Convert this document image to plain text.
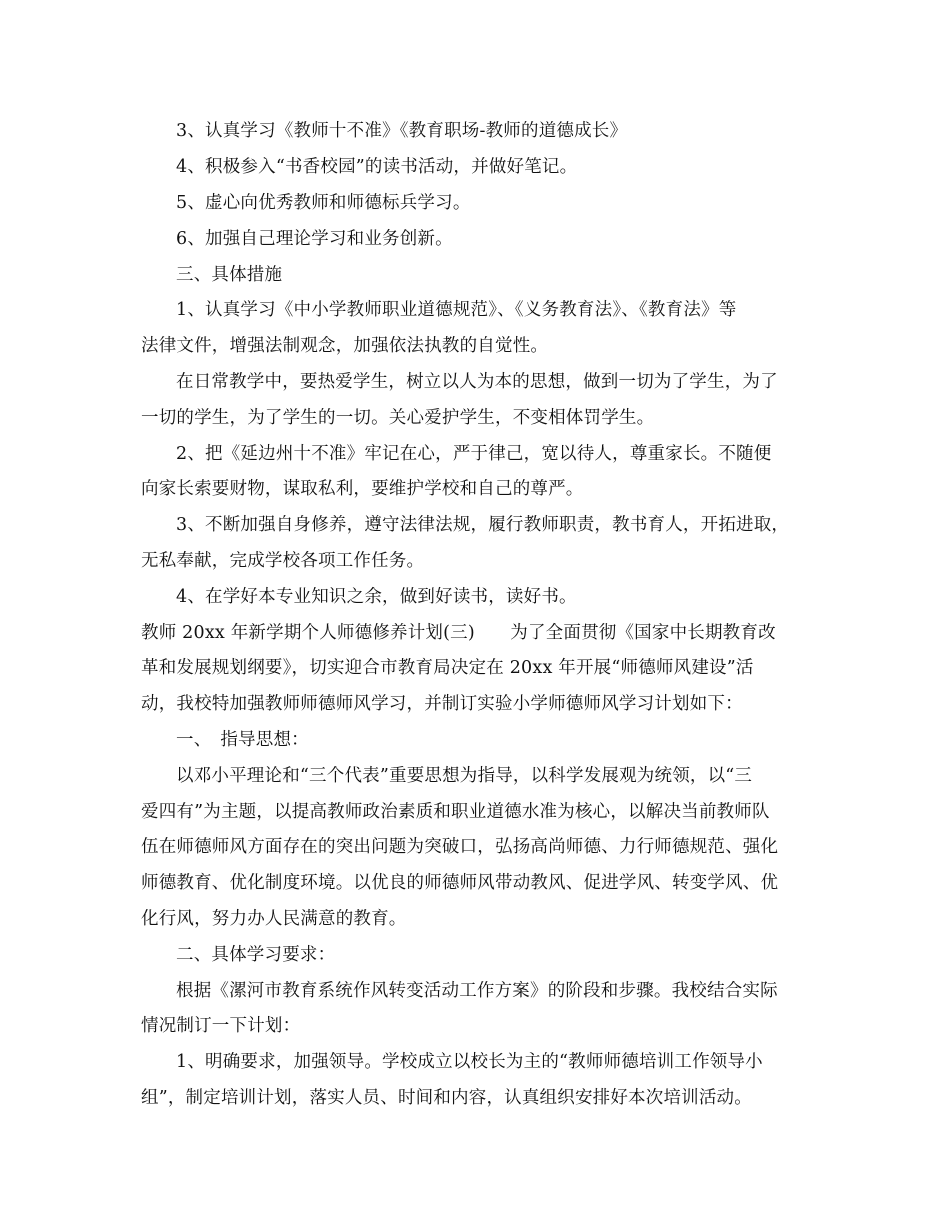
3、认真学习《教师十不准》《教育职场-教师的道德成长》
4、积极参入“书香校园”的读书活动，并做好笔记。
5、虚心向优秀教师和师德标兵学习。
6、加强自己理论学习和业务创新。
三、具体措施
1、认真学习《中小学教师职业道德规范》、《义务教育法》、《教育法》等
法律文件，增强法制观念，加强依法执教的自觉性。
在日常教学中，要热爱学生，树立以人为本的思想，做到一切为了学生，为了
一切的学生，为了学生的一切。关心爱护学生，不变相体罚学生。
2、把《延边州十不准》牢记在心，严于律己，宽以待人，尊重家长。不随便
向家长索要财物，谋取私利，要维护学校和自己的尊严。
3、不断加强自身修养，遵守法律法规，履行教师职责，教书育人，开拓进取，
无私奉献，完成学校各项工作任务。
4、在学好本专业知识之余，做到好读书，读好书。
教师 20xx 年新学期个人师德修养计划(三)　　为了全面贯彻《国家中长期教育改
革和发展规划纲要》，切实迎合市教育局决定在 20xx 年开展“师德师风建设”活
动，我校特加强教师师德师风学习，并制订实验小学师德师风学习计划如下：
一、　指导思想：
以邓小平理论和“三个代表”重要思想为指导，以科学发展观为统领，以“三
爱四有”为主题，以提高教师政治素质和职业道德水准为核心，以解决当前教师队
伍在师德师风方面存在的突出问题为突破口，弘扬高尚师德、力行师德规范、强化
师德教育、优化制度环境。以优良的师德师风带动教风、促进学风、转变学风、优
化行风，努力办人民满意的教育。
二、具体学习要求：
根据《漯河市教育系统作风转变活动工作方案》的阶段和步骤。我校结合实际
情况制订一下计划：
1、明确要求，加强领导。学校成立以校长为主的“教师师德培训工作领导小
组”，制定培训计划，落实人员、时间和内容，认真组织安排好本次培训活动。
